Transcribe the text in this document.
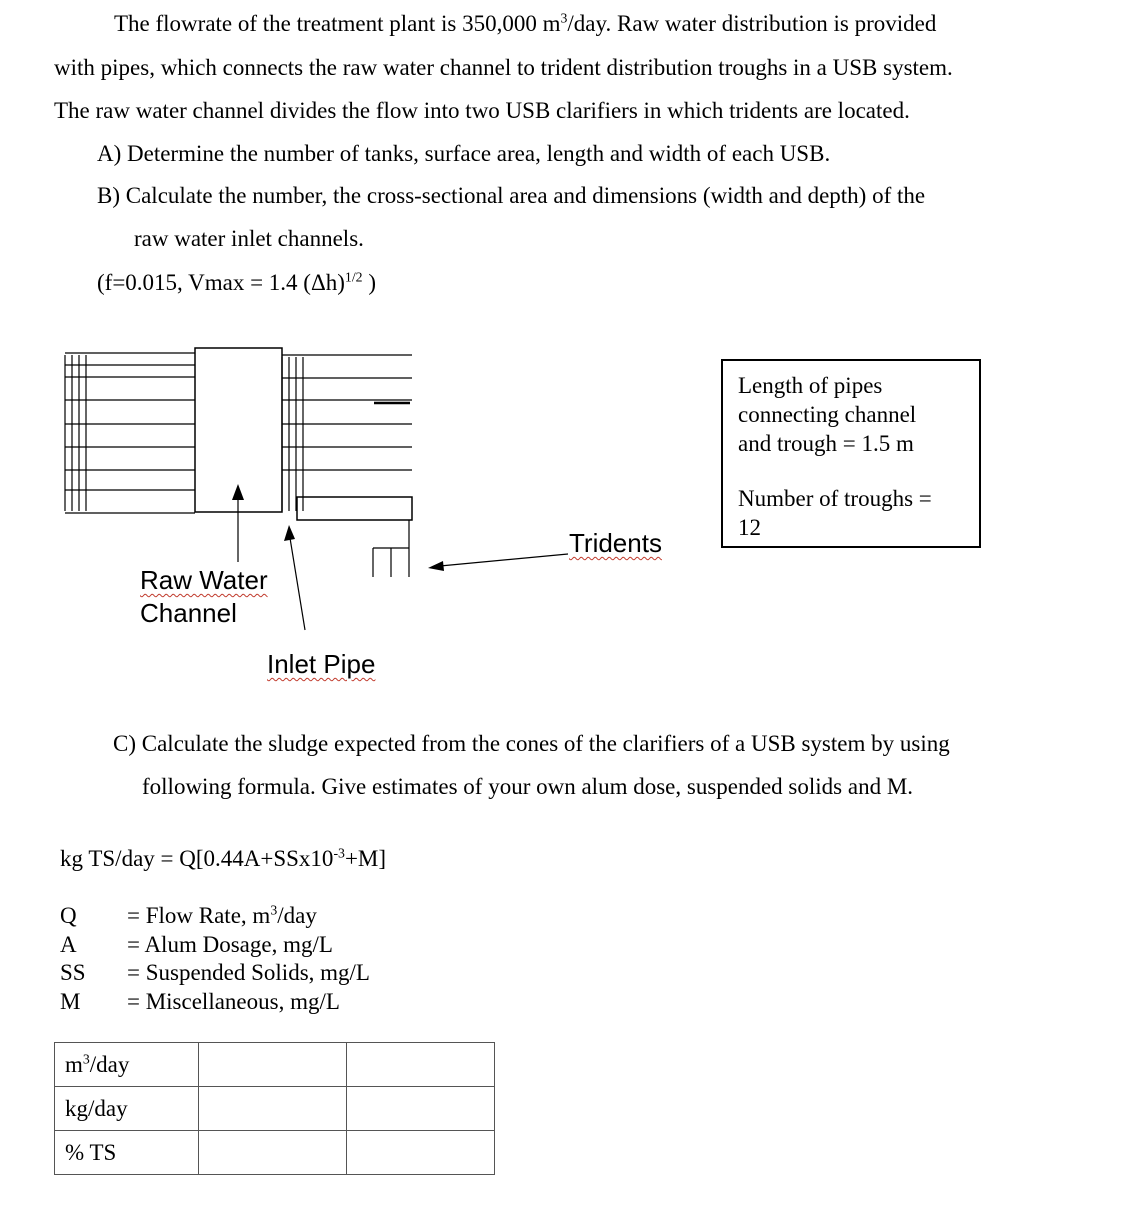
The flowrate of the treatment plant is 350,000 $m^3$/day. Raw water distribution is provided
with pipes, which connects the raw water channel to trident distribution troughs in a USB system.
The raw water channel divides the flow into two USB clarifiers in which tridents are located.
A) Determine the number of tanks, surface area, length and width of each USB.
B) Calculate the number, the cross-sectional area and dimensions (width and depth) of the
raw water inlet channels.
(f=0.015, Vmax = 1.4 $(\Delta h)^{1/2}$ )
Raw Water
Channel
Tridents
Inlet Pipe
Length of pipes
connecting channel
and trough = 1.5 m
Number of troughs =
12
C) Calculate the sludge expected from the cones of the clarifiers of a USB system by using
following formula. Give estimates of your own alum dose, suspended solids and M.
kg $TS/day = Q[0.44A+SSx10^{-3}+M]$
Q	= Flow Rate, $m^3$/day
A	= Alum Dosage, mg/L
SS	= Suspended Solids, mg/L
M	= Miscellaneous, mg/L
$m^3$/day		
kg/day		
% TS		
